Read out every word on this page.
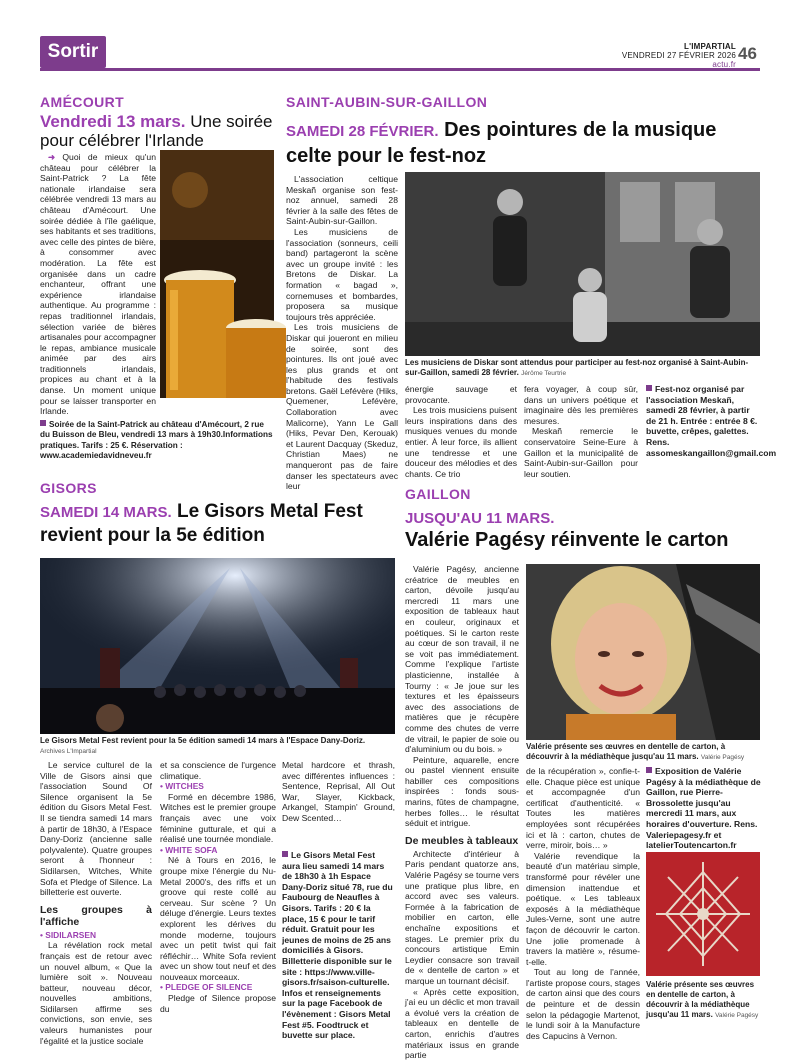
Sortir	L'IMPARTIAL
VENDREDI 27 FÉVRIER 2026
actu.fr
46
AMÉCOURT
Vendredi 13 mars. Une soirée pour célébrer l'Irlande

➜ Quoi de mieux qu'un château pour célébrer la Saint-Patrick ? La fête nationale irlandaise sera célébrée vendredi 13 mars au château d'Amécourt. Une soirée dédiée à l'île gaélique, ses habitants et ses traditions, avec celle des pintes de bière, à consommer avec modération. La fête est organisée dans un cadre enchanteur, offrant une expérience irlandaise authentique. Au programme : repas traditionnel irlandais, sélection variée de bières artisanales pour accompagner le repas, ambiance musicale animée par des airs traditionnels irlandais, propices au chant et à la danse. Un moment unique pour se laisser transporter en Irlande.

Soirée de la Saint-Patrick au château d'Amécourt, 2 rue du Buisson de Bleu, vendredi 13 mars à 19h30.Informations pratiques. Tarifs : 25 €. Réservation : www.academiedavidneveu.fr
SAINT-AUBIN-SUR-GAILLON
SAMEDI 28 FÉVRIER. Des pointures de la musique celte pour le fest-noz

L'association celtique Meskañ organise son fest-noz annuel, samedi 28 février à la salle des fêtes de Saint-Aubin-sur-Gaillon.

Les musiciens de l'association (sonneurs, ceili band) partageront la scène avec un groupe invité : les Bretons de Diskar. La formation « bagad », cornemuses et bombardes, proposera sa musique toujours très appréciée.

Les trois musiciens de Diskar qui joueront en milieu de soirée, sont des pointures. Ils ont joué avec les plus grands et ont l'habitude des festivals bretons. Gaël Lefévère (Hiks, Quemener, Lefévère, Collaboration avec Malicorne), Yann Le Gall (Hiks, Pevar Den, Kerouak) et Laurent Dacquay (Skeduz, Christian Maes) ne manqueront pas de faire danser les spectateurs avec leur

Les musiciens de Diskar sont attendus pour participer au fest-noz organisé à Saint-Aubin-sur-Gaillon, samedi 28 février. Jérôme Teurtrie

énergie sauvage et provocante.

Les trois musiciens puisent leurs inspirations dans des musiques venues du monde entier. À leur force, ils allient une tendresse et une douceur des mélodies et des chants. Ce trio

fera voyager, à coup sûr, dans un univers poétique et imaginaire dès les premières mesures.

Meskañ remercie le conservatoire Seine-Eure à Gaillon et la municipalité de Saint-Aubin-sur-Gaillon pour leur soutien.

Fest-noz organisé par l'association Meskañ, samedi 28 février, à partir de 21 h. Entrée : entrée 8 €. buvette, crêpes, galettes. Rens. assomeskangaillon@gmail.com
GISORS
SAMEDI 14 MARS. Le Gisors Metal Fest revient pour la 5e édition
Le Gisors Metal Fest revient pour la 5e édition samedi 14 mars à l'Espace Dany-Doriz.
Archives L'Impartial

Le service culturel de la Ville de Gisors ainsi que l'association Sound Of Silence organisent la 5e édition du Gisors Metal Fest. Il se tiendra samedi 14 mars à partir de 18h30, à l'Espace Dany-Doriz (ancienne salle polyvalente). Quatre groupes seront à l'honneur : Sidilarsen, Witches, White Sofa et Pledge of Silence. La billetterie est ouverte.

Les groupes à l'affiche
• SIDILARSEN

La révélation rock metal français est de retour avec un nouvel album, « Que la lumière soit ». Nouveau batteur, nouveau décor, nouvelles ambitions, Sidilarsen affirme ses convictions, son envie, ses valeurs humanistes pour l'égalité et la justice sociale

et sa conscience de l'urgence climatique.

• WITCHES

Formé en décembre 1986, Witches est le premier groupe français avec une voix féminine gutturale, et qui a réalisé une tournée mondiale.

• WHITE SOFA

Né à Tours en 2016, le groupe mixe l'énergie du Nu-Metal 2000's, des riffs et un groove qui reste collé au cerveau. Sur scène ? Un déluge d'énergie. Leurs textes explorent les dérives du monde moderne, toujours avec un petit twist qui fait réfléchir… White Sofa revient avec un show tout neuf et des nouveaux morceaux.

• PLEDGE OF SILENCE

Pledge of Silence propose du

Metal hardcore et thrash, avec différentes influences : Sentence, Reprisal, All Out War, Slayer, Kickback, Arkangel, Stampin' Ground, Dew Scented…

Le Gisors Metal Fest aura lieu samedi 14 mars de 18h30 à 1h Espace Dany-Doriz situé 78, rue du Faubourg de Neaufles à Gisors. Tarifs : 20 € la place, 15 € pour le tarif réduit. Gratuit pour les jeunes de moins de 25 ans domiciliés à Gisors. Billetterie disponible sur le site : https://www.ville-gisors.fr/saison-culturelle. Infos et renseignements sur la page Facebook de l'évènement : Gisors Metal Fest #5. Foodtruck et buvette sur place.
GAILLON
JUSQU'AU 11 MARS.
Valérie Pagésy réinvente le carton

Valérie Pagésy, ancienne créatrice de meubles en carton, dévoile jusqu'au mercredi 11 mars une exposition de tableaux haut en couleur, originaux et poétiques. Si le carton reste au cœur de son travail, il ne se voit pas immédiatement. Comme l'explique l'artiste plasticienne, installée à Tourny : « Je joue sur les textures et les épaisseurs avec des associations de matières que je récupère comme des chutes de verre de vitrail, le papier de soie ou d'aluminium ou du bois. »

Peinture, aquarelle, encre ou pastel viennent ensuite habiller ces compositions inspirées : fonds sous-marins, fûtes de champagne, herbes folles… le résultat séduit et intrigue.

De meubles à tableaux

Architecte d'intérieur à Paris pendant quatorze ans, Valérie Pagésy se tourne vers une pratique plus libre, en accord avec ses valeurs. Formée à la fabrication de mobilier en carton, elle enchaîne expositions et stages. Le premier prix du concours artistique Emin Leydier consacre son travail de « dentelle de carton » et marque un tournant décisif.

« Après cette exposition, j'ai eu un déclic et mon travail a évolué vers la création de tableaux en dentelle de carton, enrichis d'autres matériaux issus en grande partie

Valérie présente ses œuvres en dentelle de carton, à découvrir à la médiathèque jusqu'au 11 mars. Valérie Pagésy

de la récupération », confie-t-elle. Chaque pièce est unique et accompagnée d'un certificat d'authenticité. « Toutes les matières employées sont récupérées ici et là : carton, chutes de verre, miroir, bois… »

Valérie revendique la beauté d'un matériau simple, transformé pour révéler une dimension inattendue et poétique. « Les tableaux exposés à la médiathèque Jules-Verne, sont une autre façon de découvrir le carton. Une jolie promenade à travers la matière », résume-t-elle.

Tout au long de l'année, l'artiste propose cours, stages de carton ainsi que des cours de peinture et de dessin selon la pédagogie Martenot, le lundi soir à la Manufacture des Capucins à Vernon.

Exposition de Valérie Pagésy à la médiathèque de Gaillon, rue Pierre-Brossolette jusqu'au mercredi 11 mars, aux horaires d'ouverture. Rens. Valeriepagesy.fr et latelierToutencarton.fr
Valérie présente ses œuvres en dentelle de carton, à découvrir à la médiathèque jusqu'au 11 mars. Valérie Pagésy
